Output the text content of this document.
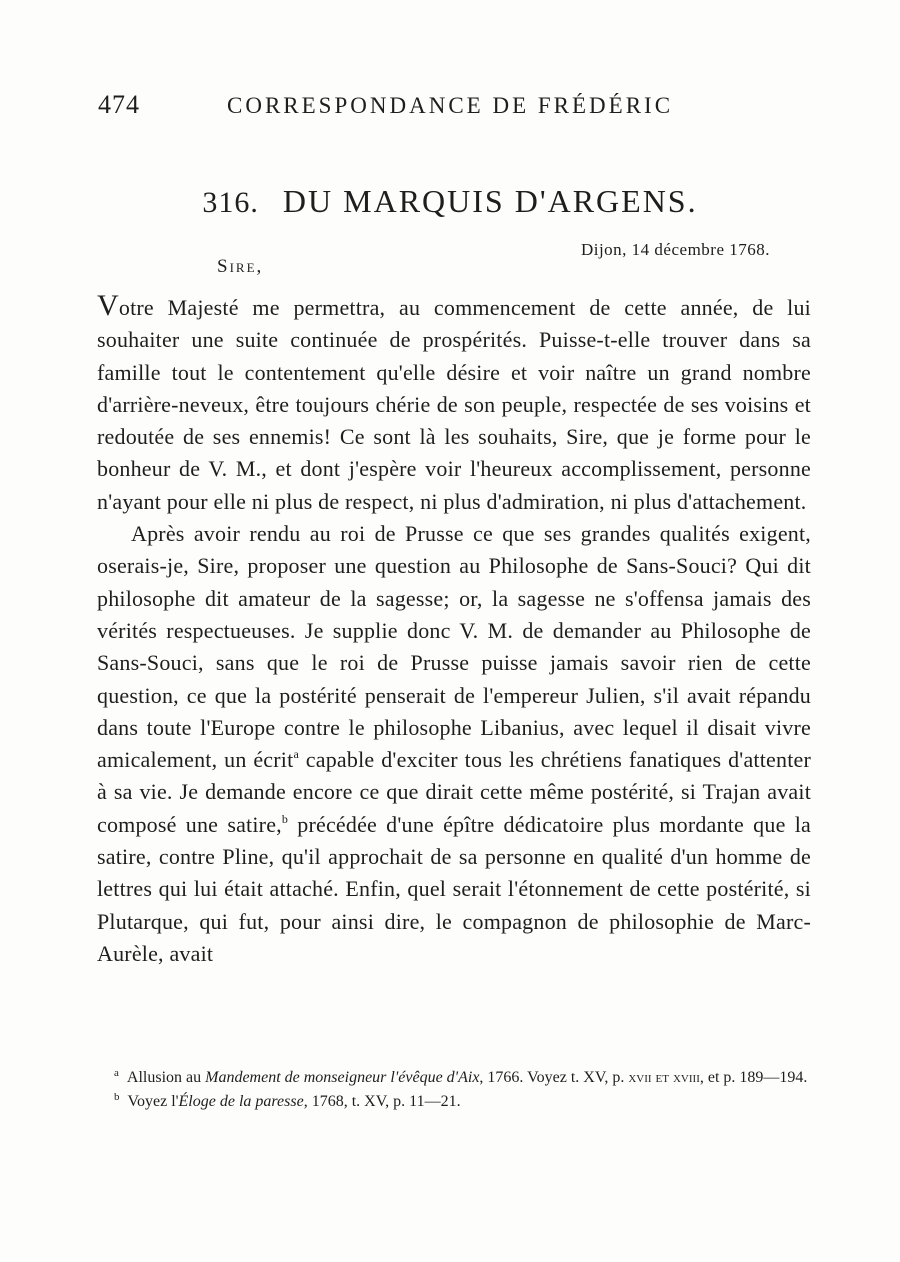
474	CORRESPONDANCE DE FRÉDÉRIC
316. DU MARQUIS D'ARGENS.
Dijon, 14 décembre 1768.
Sire,

Votre Majesté me permettra, au commencement de cette année, de lui souhaiter une suite continuée de prospérités. Puisse-t-elle trouver dans sa famille tout le contentement qu'elle désire et voir naître un grand nombre d'arrière-neveux, être toujours chérie de son peuple, respectée de ses voisins et redoutée de ses ennemis! Ce sont là les souhaits, Sire, que je forme pour le bonheur de V. M., et dont j'espère voir l'heureux accomplissement, personne n'ayant pour elle ni plus de respect, ni plus d'admiration, ni plus d'attachement.

Après avoir rendu au roi de Prusse ce que ses grandes qualités exigent, oserais-je, Sire, proposer une question au Philosophe de Sans-Souci? Qui dit philosophe dit amateur de la sagesse; or, la sagesse ne s'offensa jamais des vérités respectueuses. Je supplie donc V. M. de demander au Philosophe de Sans-Souci, sans que le roi de Prusse puisse jamais savoir rien de cette question, ce que la postérité penserait de l'empereur Julien, s'il avait répandu dans toute l'Europe contre le philosophe Libanius, avec lequel il disait vivre amicalement, un écrit$^a$ capable d'exciter tous les chrétiens fanatiques d'attenter à sa vie. Je demande encore ce que dirait cette même postérité, si Trajan avait composé une satire,$^b$ précédée d'une épître dédicatoire plus mordante que la satire, contre Pline, qu'il approchait de sa personne en qualité d'un homme de lettres qui lui était attaché. Enfin, quel serait l'étonnement de cette postérité, si Plutarque, qui fut, pour ainsi dire, le compagnon de philosophie de Marc-Aurèle, avait

$^a$ Allusion au Mandement de monseigneur l'évêque d'Aix, 1766. Voyez t. XV, p. xvii et xviii, et p. 189—194.

$^b$ Voyez l'Éloge de la paresse, 1768, t. XV, p. 11—21.
